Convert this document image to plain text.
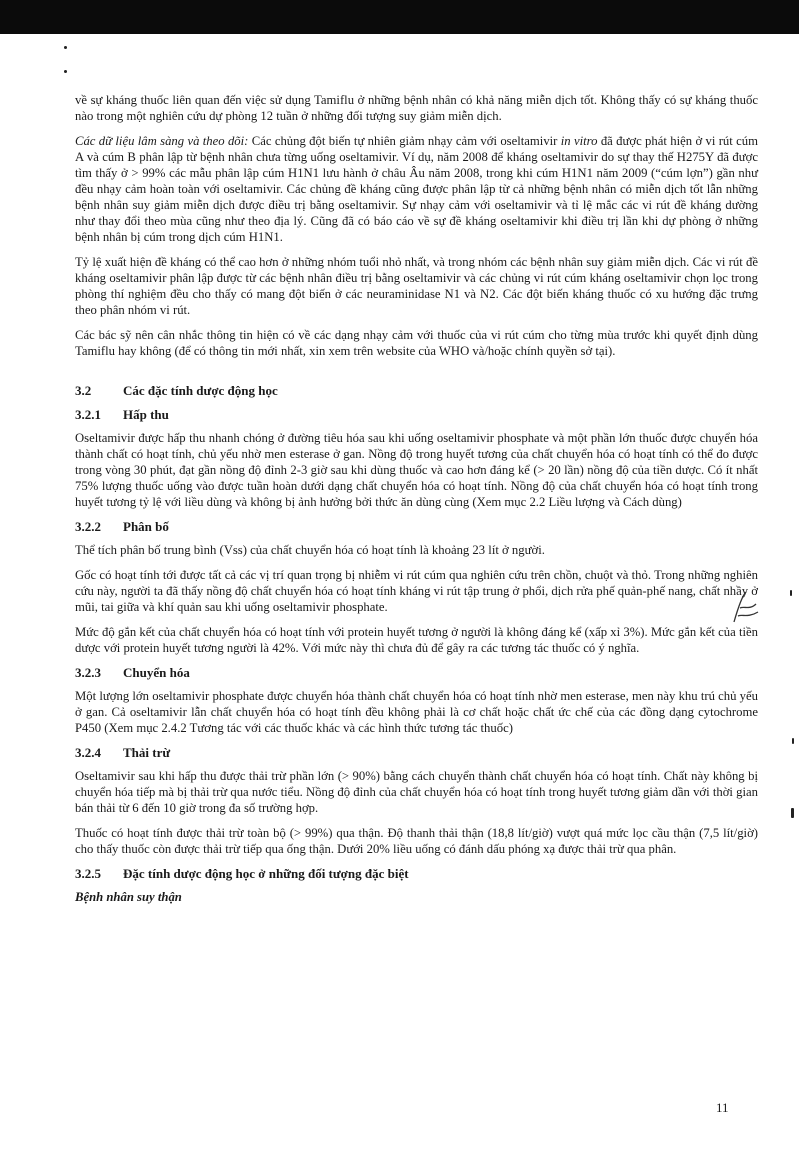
về sự kháng thuốc liên quan đến việc sử dụng Tamiflu ở những bệnh nhân có khả năng miễn dịch tốt. Không thấy có sự kháng thuốc nào trong một nghiên cứu dự phòng 12 tuần ở những đối tượng suy giảm miễn dịch.

Các dữ liệu lâm sàng và theo dõi: Các chủng đột biến tự nhiên giảm nhạy cảm với oseltamivir in vitro đã được phát hiện ở vi rút cúm A và cúm B phân lập từ bệnh nhân chưa từng uống oseltamivir. Ví dụ, năm 2008 để kháng oseltamivir do sự thay thế H275Y đã được tìm thấy ở > 99% các mẫu phân lập cúm H1N1 lưu hành ở châu Âu năm 2008, trong khi cúm H1N1 năm 2009 (“cúm lợn”) gần như đều nhạy cảm hoàn toàn với oseltamivir. Các chủng đề kháng cũng được phân lập từ cả những bệnh nhân có miễn dịch tốt lẫn những bệnh nhân suy giảm miễn dịch được điều trị bằng oseltamivir. Sự nhạy cảm với oseltamivir và tỉ lệ mắc các vi rút đề kháng dường như thay đổi theo mùa cũng như theo địa lý. Cũng đã có báo cáo về sự đề kháng oseltamivir khi điều trị lần khi dự phòng ở những bệnh nhân bị cúm trong dịch cúm H1N1.

Tỷ lệ xuất hiện đề kháng có thể cao hơn ở những nhóm tuổi nhỏ nhất, và trong nhóm các bệnh nhân suy giảm miễn dịch. Các vi rút đề kháng oseltamivir phân lập được từ các bệnh nhân điều trị bằng oseltamivir và các chủng vi rút cúm kháng oseltamivir chọn lọc trong phòng thí nghiệm đều cho thấy có mang đột biến ở các neuraminidase N1 và N2. Các đột biến kháng thuốc có xu hướng đặc trưng theo phân nhóm vi rút.

Các bác sỹ nên cân nhắc thông tin hiện có về các dạng nhạy cảm với thuốc của vi rút cúm cho từng mùa trước khi quyết định dùng Tamiflu hay không (để có thông tin mới nhất, xin xem trên website của WHO và/hoặc chính quyền sở tại).

3.2	Các đặc tính dược động học
3.2.1	Hấp thu

Oseltamivir được hấp thu nhanh chóng ở đường tiêu hóa sau khi uống oseltamivir phosphate và một phần lớn thuốc được chuyển hóa thành chất có hoạt tính, chủ yếu nhờ men esterase ở gan. Nồng độ trong huyết tương của chất chuyển hóa có hoạt tính có thể đo được trong vòng 30 phút, đạt gần nồng độ đỉnh 2-3 giờ sau khi dùng thuốc và cao hơn đáng kể (> 20 lần) nồng độ của tiền dược. Có ít nhất 75% lượng thuốc uống vào được tuần hoàn dưới dạng chất chuyển hóa có hoạt tính. Nồng độ của chất chuyển hóa có hoạt tính trong huyết tương tỷ lệ với liều dùng và không bị ảnh hưởng bởi thức ăn dùng cùng (Xem mục 2.2 Liều lượng và Cách dùng)

3.2.2	Phân bố

Thể tích phân bố trung bình (Vss) của chất chuyển hóa có hoạt tính là khoảng 23 lít ở người.

Gốc có hoạt tính tới được tất cả các vị trí quan trọng bị nhiễm vi rút cúm qua nghiên cứu trên chồn, chuột và thỏ. Trong những nghiên cứu này, người ta đã thấy nồng độ chất chuyển hóa có hoạt tính kháng vi rút tập trung ở phổi, dịch rửa phế quản-phế nang, chất nhầy ở mũi, tai giữa và khí quản sau khi uống oseltamivir phosphate.

Mức độ gắn kết của chất chuyển hóa có hoạt tính với protein huyết tương ở người là không đáng kể (xấp xỉ 3%). Mức gắn kết của tiền dược với protein huyết tương người là 42%. Với mức này thì chưa đủ để gây ra các tương tác thuốc có ý nghĩa.

3.2.3	Chuyển hóa

Một lượng lớn oseltamivir phosphate được chuyển hóa thành chất chuyển hóa có hoạt tính nhờ men esterase, men này khu trú chủ yếu ở gan. Cả oseltamivir lẫn chất chuyển hóa có hoạt tính đều không phải là cơ chất hoặc chất ức chế của các đồng dạng cytochrome P450 (Xem mục 2.4.2 Tương tác với các thuốc khác và các hình thức tương tác thuốc)

3.2.4	Thải trừ

Oseltamivir sau khi hấp thu được thải trừ phần lớn (> 90%) bằng cách chuyển thành chất chuyển hóa có hoạt tính. Chất này không bị chuyển hóa tiếp mà bị thải trừ qua nước tiểu. Nồng độ đỉnh của chất chuyển hóa có hoạt tính trong huyết tương giảm dần với thời gian bán thải từ 6 đến 10 giờ trong đa số trường hợp.

Thuốc có hoạt tính được thải trừ toàn bộ (> 99%) qua thận. Độ thanh thải thận (18,8 lít/giờ) vượt quá mức lọc cầu thận (7,5 lít/giờ) cho thấy thuốc còn được thải trừ tiếp qua ống thận. Dưới 20% liều uống có đánh dấu phóng xạ được thải trừ qua phân.

3.2.5	Đặc tính dược động học ở những đối tượng đặc biệt

Bệnh nhân suy thận

11
